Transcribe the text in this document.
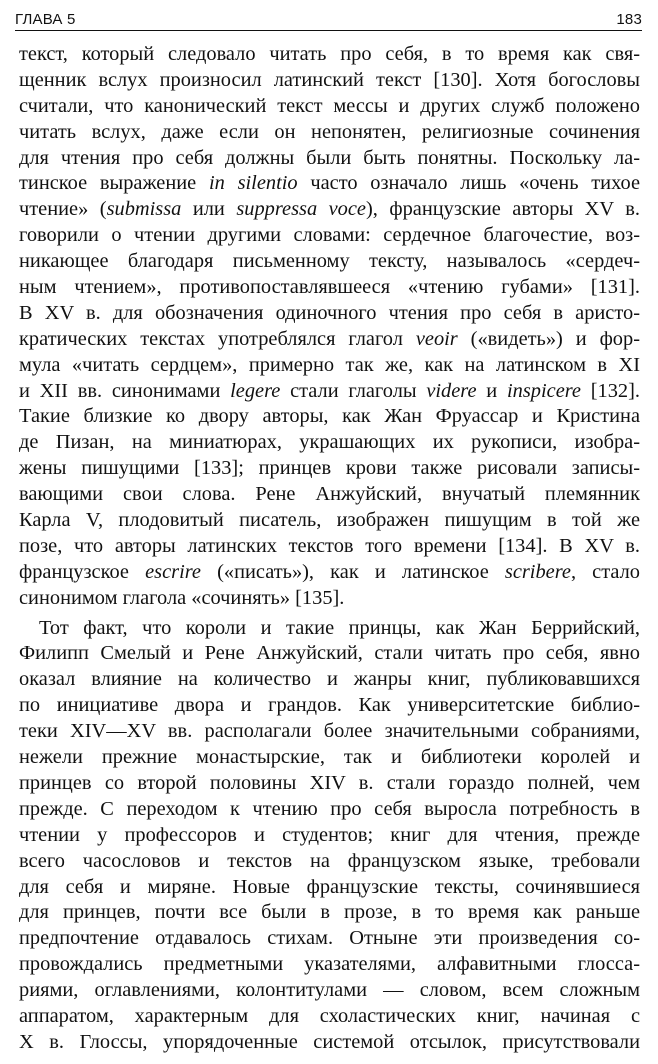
ГЛАВА 5	183
текст, который следовало читать про себя, в то время как свя-
щенник вслух произносил латинский текст [130]. Хотя богословы
считали, что канонический текст мессы и других служб положено
читать вслух, даже если он непонятен, религиозные сочинения
для чтения про себя должны были быть понятны. Поскольку ла-
тинское выражение in silentio часто означало лишь «очень тихое
чтение» (submissa или suppressa voce), французские авторы XV в.
говорили о чтении другими словами: сердечное благочестие, воз-
никающее благодаря письменному тексту, называлось «сердеч-
ным чтением», противопоставлявшееся «чтению губами» [131].
В XV в. для обозначения одиночного чтения про себя в аристо-
кратических текстах употреблялся глагол veoir («видеть») и фор-
мула «читать сердцем», примерно так же, как на латинском в XI
и XII вв. синонимами legere стали глаголы videre и inspicere [132].
Такие близкие ко двору авторы, как Жан Фруассар и Кристина
де Пизан, на миниатюрах, украшающих их рукописи, изобра-
жены пишущими [133]; принцев крови также рисовали записы-
вающими свои слова. Рене Анжуйский, внучатый племянник
Карла V, плодовитый писатель, изображен пишущим в той же
позе, что авторы латинских текстов того времени [134]. В XV в.
французское escrire («писать»), как и латинское scribere, стало
синонимом глагола «сочинять» [135].
Тот факт, что короли и такие принцы, как Жан Беррийский,
Филипп Смелый и Рене Анжуйский, стали читать про себя, явно
оказал влияние на количество и жанры книг, публиковавшихся
по инициативе двора и грандов. Как университетские библио-
теки XIV—XV вв. располагали более значительными собраниями,
нежели прежние монастырские, так и библиотеки королей и
принцев со второй половины XIV в. стали гораздо полней, чем
прежде. С переходом к чтению про себя выросла потребность в
чтении у профессоров и студентов; книг для чтения, прежде
всего часословов и текстов на французском языке, требовали
для себя и миряне. Новые французские тексты, сочинявшиеся
для принцев, почти все были в прозе, в то время как раньше
предпочтение отдавалось стихам. Отныне эти произведения со-
провождались предметными указателями, алфавитными глосса-
риями, оглавлениями, колонтитулами — словом, всем сложным
аппаратом, характерным для схоластических книг, начиная с
X в. Глоссы, упорядоченные системой отсылок, присутствовали
